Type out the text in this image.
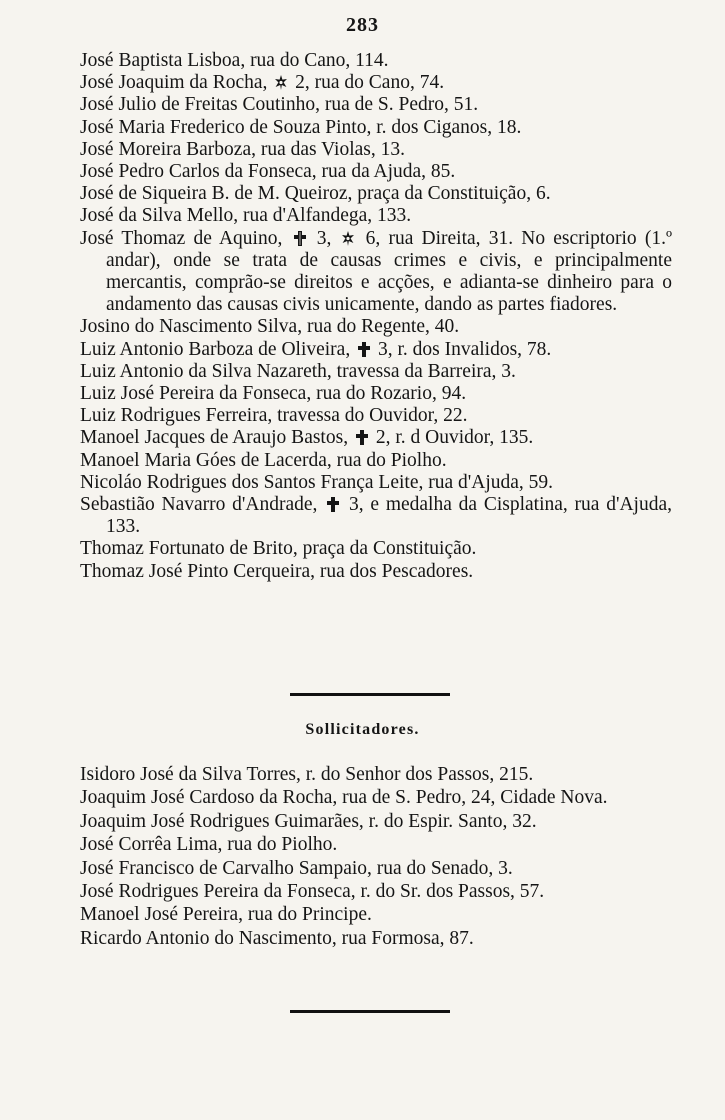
283
José Baptista Lisboa, rua do Cano, 114.
José Joaquim da Rocha,
2, rua do Cano, 74.
José Julio de Freitas Coutinho, rua de S. Pedro, 51.
José Maria Frederico de Souza Pinto, r. dos Ciganos, 18.
José Moreira Barboza, rua das Violas, 13.
José Pedro Carlos da Fonseca, rua da Ajuda, 85.
José de Siqueira B. de M. Queiroz, praça da Constituição, 6.
José da Silva Mello, rua d'Alfandega, 133.
José Thomaz de Aquino,
3,
6, rua Direita, 31. No escriptorio (1.º andar), onde se trata de causas crimes e civis, e principalmente mercantis, comprão-se direitos e acções, e adianta-se dinheiro para o andamento das causas civis unicamente, dando as partes fiadores.
Josino do Nascimento Silva, rua do Regente, 40.
Luiz Antonio Barboza de Oliveira,
3, r. dos Invalidos, 78.
Luiz Antonio da Silva Nazareth, travessa da Barreira, 3.
Luiz José Pereira da Fonseca, rua do Rozario, 94.
Luiz Rodrigues Ferreira, travessa do Ouvidor, 22.
Manoel Jacques de Araujo Bastos,
2, r. d Ouvidor, 135.
Manoel Maria Góes de Lacerda, rua do Piolho.
Nicoláo Rodrigues dos Santos França Leite, rua d'Ajuda, 59.
Sebastião Navarro d'Andrade,
3, e medalha da Cisplatina, rua d'Ajuda, 133.
Thomaz Fortunato de Brito, praça da Constituição.
Thomaz José Pinto Cerqueira, rua dos Pescadores.
Sollicitadores.
Isidoro José da Silva Torres, r. do Senhor dos Passos, 215.
Joaquim José Cardoso da Rocha, rua de S. Pedro, 24, Cidade Nova.
Joaquim José Rodrigues Guimarães, r. do Espir. Santo, 32.
José Corrêa Lima, rua do Piolho.
José Francisco de Carvalho Sampaio, rua do Senado, 3.
José Rodrigues Pereira da Fonseca, r. do Sr. dos Passos, 57.
Manoel José Pereira, rua do Principe.
Ricardo Antonio do Nascimento, rua Formosa, 87.
